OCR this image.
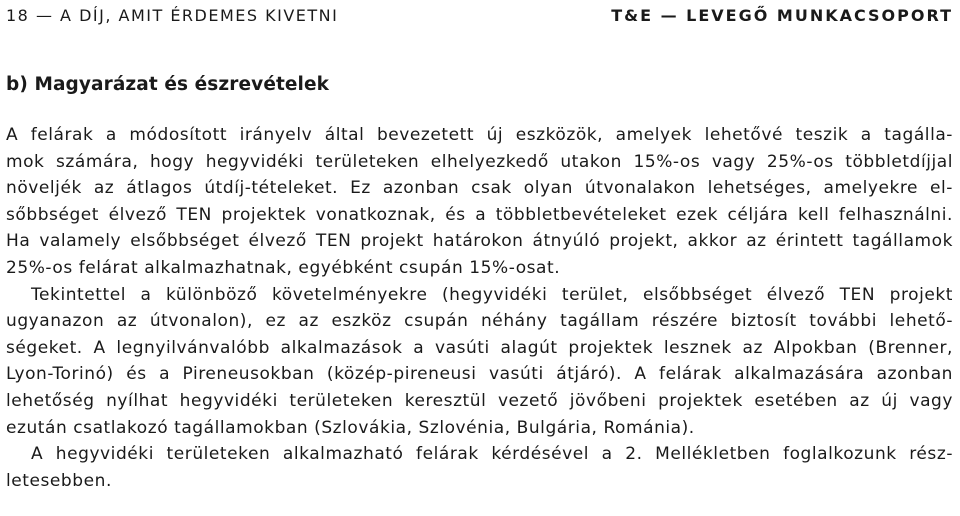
18 — A DÍJ, AMIT ÉRDEMES KIVETNI	T&E — LEVEGŐ MUNKACSOPORT
b) Magyarázat és észrevételek

A felárak a módosított irányelv által bevezetett új eszközök, amelyek lehetővé teszik a tagálla-
mok számára, hogy hegyvidéki területeken elhelyezkedő utakon 15%-os vagy 25%-os többletdíjjal
növeljék az átlagos útdíj-tételeket. Ez azonban csak olyan útvonalakon lehetséges, amelyekre el-
sőbbséget élvező TEN projektek vonatkoznak, és a többletbevételeket ezek céljára kell felhasználni.
Ha valamely elsőbbséget élvező TEN projekt határokon átnyúló projekt, akkor az érintett tagállamok
25%-os felárat alkalmazhatnak, egyébként csupán 15%-osat.

Tekintettel a különböző követelményekre (hegyvidéki terület, elsőbbséget élvező TEN projekt
ugyanazon az útvonalon), ez az eszköz csupán néhány tagállam részére biztosít további lehető-
ségeket. A legnyilvánvalóbb alkalmazások a vasúti alagút projektek lesznek az Alpokban (Brenner,
Lyon-Torinó) és a Pireneusokban (közép-pireneusi vasúti átjáró). A felárak alkalmazására azonban
lehetőség nyílhat hegyvidéki területeken keresztül vezető jövőbeni projektek esetében az új vagy
ezután csatlakozó tagállamokban (Szlovákia, Szlovénia, Bulgária, Románia).

A hegyvidéki területeken alkalmazható felárak kérdésével a 2. Mellékletben foglalkozunk rész-
letesebben.
